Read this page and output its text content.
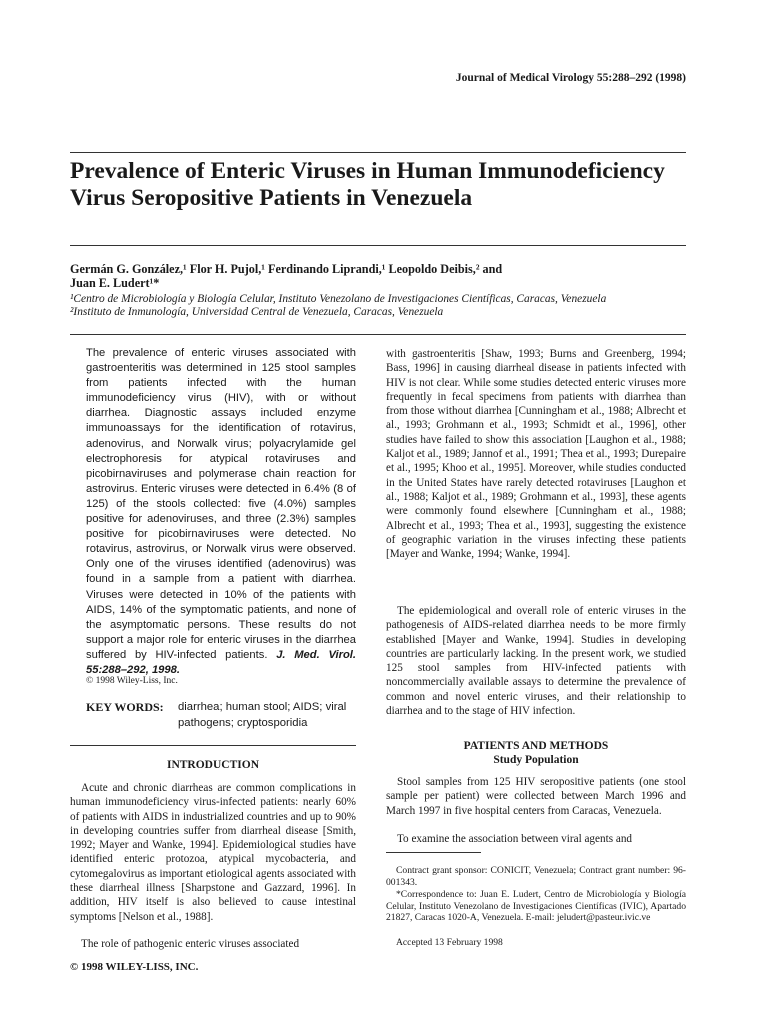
Journal of Medical Virology 55:288–292 (1998)
Prevalence of Enteric Viruses in Human Immunodeficiency Virus Seropositive Patients in Venezuela
Germán G. González,¹ Flor H. Pujol,¹ Ferdinando Liprandi,¹ Leopoldo Deibis,² and
Juan E. Ludert¹*
¹Centro de Microbiología y Biología Celular, Instituto Venezolano de Investigaciones Científicas, Caracas, Venezuela
²Instituto de Inmunología, Universidad Central de Venezuela, Caracas, Venezuela

The prevalence of enteric viruses associated with gastroenteritis was determined in 125 stool samples from patients infected with the human immunodeficiency virus (HIV), with or without diarrhea. Diagnostic assays included enzyme immunoassays for the identification of rotavirus, adenovirus, and Norwalk virus; polyacrylamide gel electrophoresis for atypical rotaviruses and picobirnaviruses and polymerase chain reaction for astrovirus. Enteric viruses were detected in 6.4% (8 of 125) of the stools collected: five (4.0%) samples positive for adenoviruses, and three (2.3%) samples positive for picobirnaviruses were detected. No rotavirus, astrovirus, or Norwalk virus were observed. Only one of the viruses identified (adenovirus) was found in a sample from a patient with diarrhea. Viruses were detected in 10% of the patients with AIDS, 14% of the symptomatic patients, and none of the asymptomatic persons. These results do not support a major role for enteric viruses in the diarrhea suffered by HIV-infected patients. J. Med. Virol. 55:288–292, 1998.

© 1998 Wiley-Liss, Inc.
KEY WORDS: diarrhea; human stool; AIDS; viral pathogens; cryptosporidia
INTRODUCTION

Acute and chronic diarrheas are common complications in human immunodeficiency virus-infected patients: nearly 60% of patients with AIDS in industrialized countries and up to 90% in developing countries suffer from diarrheal disease [Smith, 1992; Mayer and Wanke, 1994]. Epidemiological studies have identified enteric protozoa, atypical mycobacteria, and cytomegalovirus as important etiological agents associated with these diarrheal illness [Sharpstone and Gazzard, 1996]. In addition, HIV itself is also believed to cause intestinal symptoms [Nelson et al., 1988].

The role of pathogenic enteric viruses associated

with gastroenteritis [Shaw, 1993; Burns and Greenberg, 1994; Bass, 1996] in causing diarrheal disease in patients infected with HIV is not clear. While some studies detected enteric viruses more frequently in fecal specimens from patients with diarrhea than from those without diarrhea [Cunningham et al., 1988; Albrecht et al., 1993; Grohmann et al., 1993; Schmidt et al., 1996], other studies have failed to show this association [Laughon et al., 1988; Kaljot et al., 1989; Jannof et al., 1991; Thea et al., 1993; Durepaire et al., 1995; Khoo et al., 1995]. Moreover, while studies conducted in the United States have rarely detected rotaviruses [Laughon et al., 1988; Kaljot et al., 1989; Grohmann et al., 1993], these agents were commonly found elsewhere [Cunningham et al., 1988; Albrecht et al., 1993; Thea et al., 1993], suggesting the existence of geographic variation in the viruses infecting these patients [Mayer and Wanke, 1994; Wanke, 1994].

The epidemiological and overall role of enteric viruses in the pathogenesis of AIDS-related diarrhea needs to be more firmly established [Mayer and Wanke, 1994]. Studies in developing countries are particularly lacking. In the present work, we studied 125 stool samples from HIV-infected patients with noncommercially available assays to determine the prevalence of common and novel enteric viruses, and their relationship to diarrhea and to the stage of HIV infection.

PATIENTS AND METHODS
Study Population

Stool samples from 125 HIV seropositive patients (one stool sample per patient) were collected between March 1996 and March 1997 in five hospital centers from Caracas, Venezuela.

To examine the association between viral agents and

Contract grant sponsor: CONICIT, Venezuela; Contract grant number: 96-001343.

*Correspondence to: Juan E. Ludert, Centro de Microbiología y Biología Celular, Instituto Venezolano de Investigaciones Científicas (IVIC), Apartado 21827, Caracas 1020-A, Venezuela. E-mail: jeludert@pasteur.ivic.ve

Accepted 13 February 1998

© 1998 WILEY-LISS, INC.
